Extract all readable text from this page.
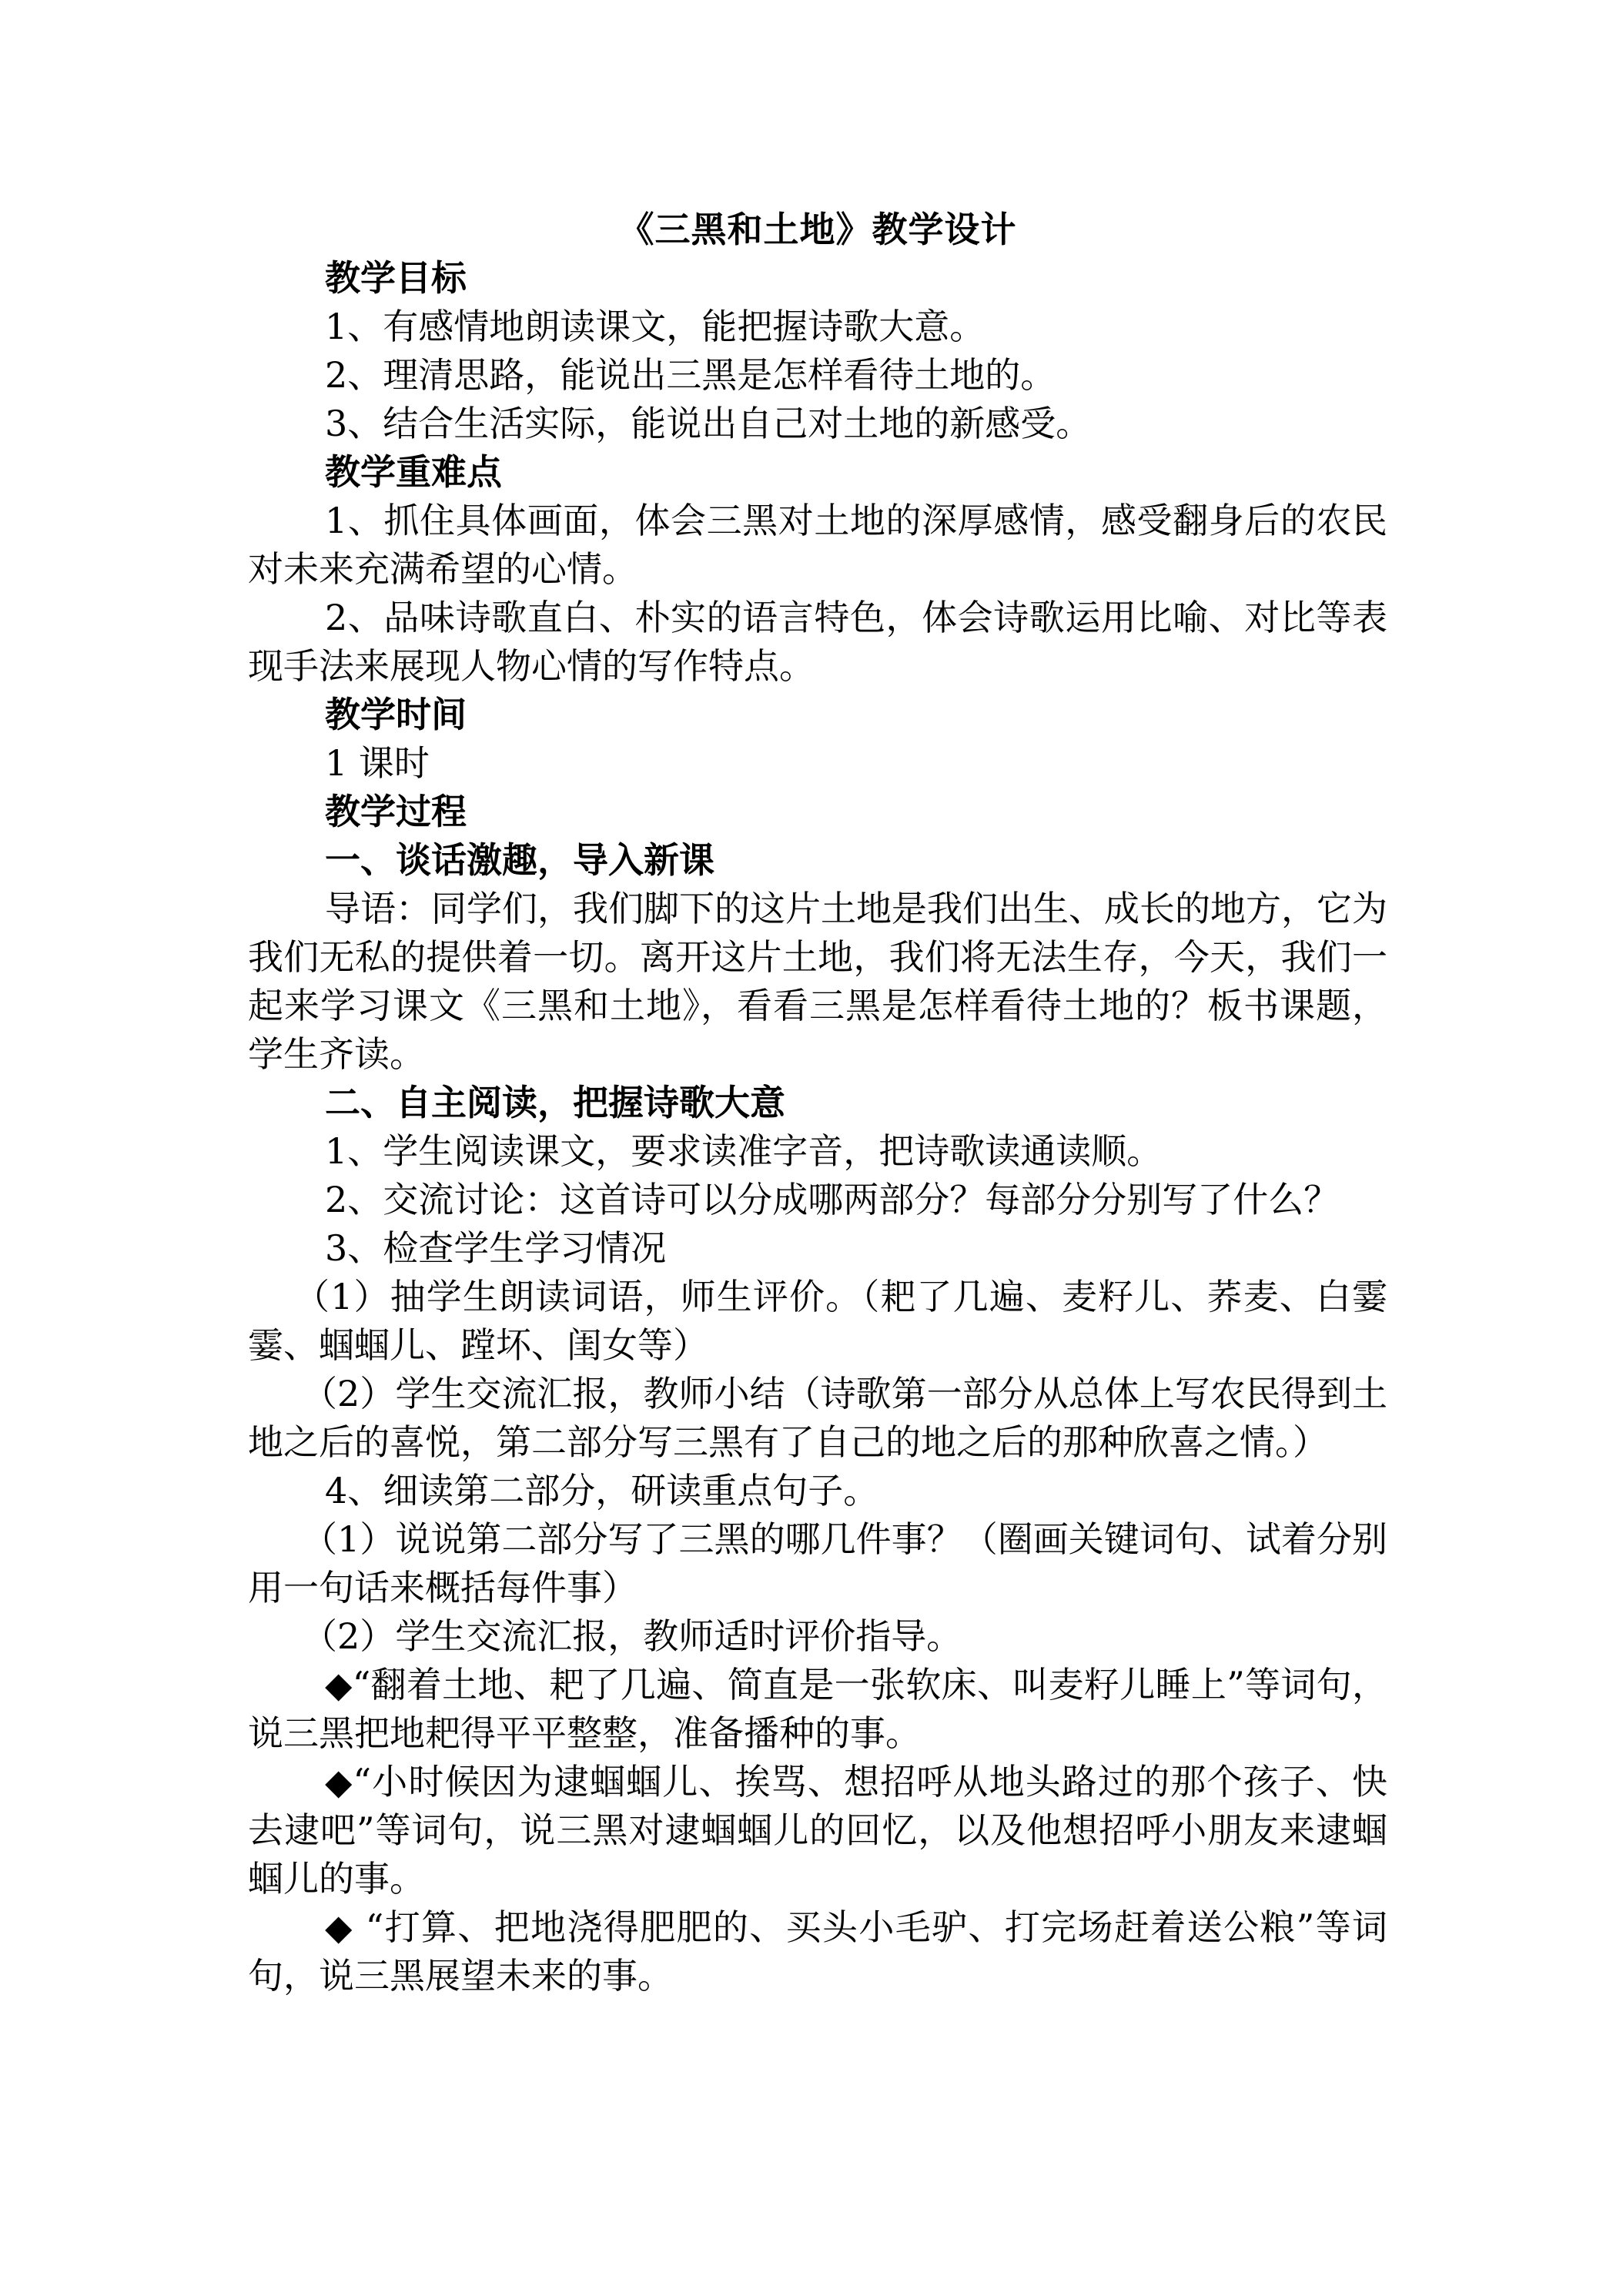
《三黑和土地》教学设计

教学目标

1、有感情地朗读课文，能把握诗歌大意。

2、理清思路，能说出三黑是怎样看待土地的。

3、结合生活实际，能说出自己对土地的新感受。

教学重难点

1、抓住具体画面，体会三黑对土地的深厚感情，感受翻身后的农民对未来充满希望的心情。

2、品味诗歌直白、朴实的语言特色，体会诗歌运用比喻、对比等表现手法来展现人物心情的写作特点。

教学时间

1 课时

教学过程

一、谈话激趣，导入新课

导语：同学们，我们脚下的这片土地是我们出生、成长的地方，它为我们无私的提供着一切。离开这片土地，我们将无法生存，今天，我们一起来学习课文《三黑和土地》，看看三黑是怎样看待土地的？板书课题，学生齐读。

二、自主阅读，把握诗歌大意

1、学生阅读课文，要求读准字音，把诗歌读通读顺。

2、交流讨论：这首诗可以分成哪两部分？每部分分别写了什么？

3、检查学生学习情况

（1）抽学生朗读词语，师生评价。（耙了几遍、麦籽儿、荞麦、白霎霎、蝈蝈儿、蹚坏、闺女等）

（2）学生交流汇报，教师小结（诗歌第一部分从总体上写农民得到土地之后的喜悦，第二部分写三黑有了自己的地之后的那种欣喜之情。）

4、细读第二部分，研读重点句子。

（1）说说第二部分写了三黑的哪几件事？（圈画关键词句、试着分别用一句话来概括每件事）

（2）学生交流汇报，教师适时评价指导。

◆“翻着土地、耙了几遍、简直是一张软床、叫麦籽儿睡上”等词句，说三黑把地耙得平平整整，准备播种的事。

◆“小时候因为逮蝈蝈儿、挨骂、想招呼从地头路过的那个孩子、快去逮吧”等词句，说三黑对逮蝈蝈儿的回忆，以及他想招呼小朋友来逮蝈蝈儿的事。

◆ “打算、把地浇得肥肥的、买头小毛驴、打完场赶着送公粮”等词句，说三黑展望未来的事。
